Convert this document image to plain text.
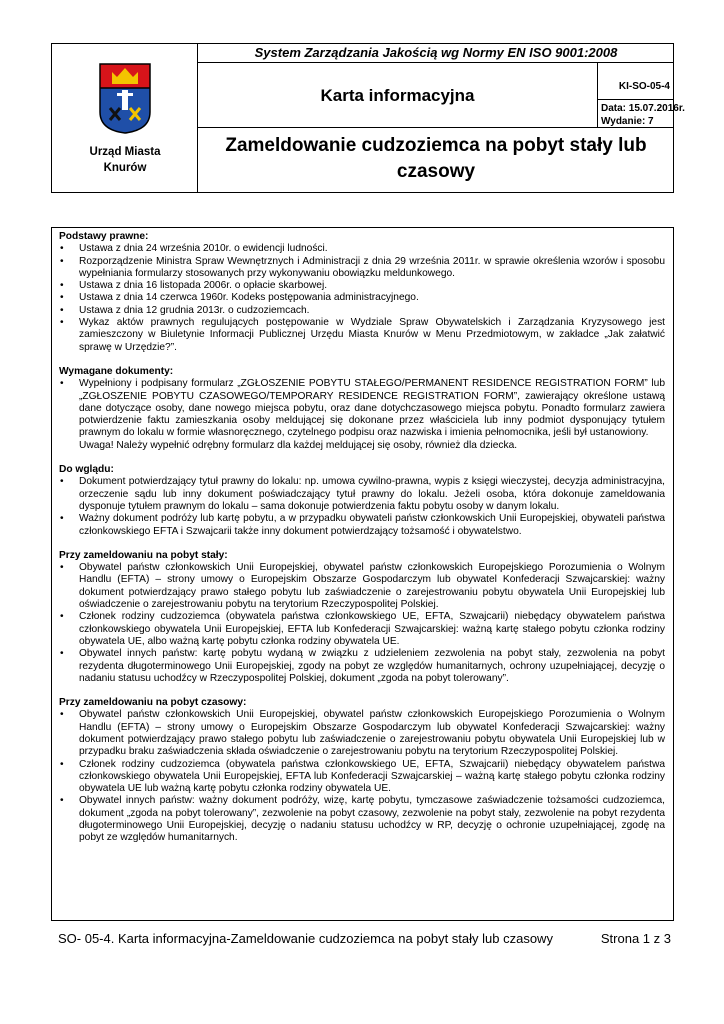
Urząd Miasta
Knurów
System Zarządzania Jakością wg Normy EN ISO 9001:2008
Karta informacyjna	KI-SO-05-4
Data: 15.07.2016r.
Wydanie: 7
Zameldowanie cudzoziemca na pobyt stały lub czasowy
Podstawy prawne:
• Ustawa z dnia 24 września 2010r. o ewidencji ludności.
• Rozporządzenie Ministra Spraw Wewnętrznych i Administracji z dnia 29 września 2011r. w sprawie określenia wzorów i sposobu wypełniania formularzy stosowanych przy wykonywaniu obowiązku meldunkowego.
• Ustawa z dnia 16 listopada 2006r. o opłacie skarbowej.
• Ustawa z dnia 14 czerwca 1960r. Kodeks postępowania administracyjnego.
• Ustawa z dnia 12 grudnia 2013r. o cudzoziemcach.
• Wykaz aktów prawnych regulujących postępowanie w Wydziale Spraw Obywatelskich i Zarządzania Kryzysowego jest zamieszczony w Biuletynie Informacji Publicznej Urzędu Miasta Knurów w Menu Przedmiotowym, w zakładce „Jak załatwić sprawę w Urzędzie?”.
Wymagane dokumenty:
• Wypełniony i podpisany formularz „ZGŁOSZENIE POBYTU STAŁEGO/PERMANENT RESIDENCE REGISTRATION FORM” lub „ZGŁOSZENIE POBYTU CZASOWEGO/TEMPORARY RESIDENCE REGISTRATION FORM”, zawierający określone ustawą dane dotyczące osoby, dane nowego miejsca pobytu, oraz dane dotychczasowego miejsca pobytu. Ponadto formularz zawiera potwierdzenie faktu zamieszkania osoby meldującej się dokonane przez właściciela lub inny podmiot dysponujący tytułem prawnym do lokalu w formie własnoręcznego, czytelnego podpisu oraz nazwiska i imienia pełnomocnika, jeśli był ustanowiony.
Uwaga! Należy wypełnić odrębny formularz dla każdej meldującej się osoby, również dla dziecka.
Do wglądu:
• Dokument potwierdzający tytuł prawny do lokalu: np. umowa cywilno-prawna, wypis z księgi wieczystej, decyzja administracyjna, orzeczenie sądu lub inny dokument poświadczający tytuł prawny do lokalu. Jeżeli osoba, która dokonuje zameldowania dysponuje tytułem prawnym do lokalu – sama dokonuje potwierdzenia faktu pobytu osoby w danym lokalu.
• Ważny dokument podróży lub kartę pobytu, a w przypadku obywateli państw członkowskich Unii Europejskiej, obywateli państwa członkowskiego EFTA i Szwajcarii także inny dokument potwierdzający tożsamość i obywatelstwo.
Przy zameldowaniu na pobyt stały:
• Obywatel państw członkowskich Unii Europejskiej, obywatel państw członkowskich Europejskiego Porozumienia o Wolnym Handlu (EFTA) – strony umowy o Europejskim Obszarze Gospodarczym lub obywatel Konfederacji Szwajcarskiej: ważny dokument potwierdzający prawo stałego pobytu lub zaświadczenie o zarejestrowaniu pobytu obywatela Unii Europejskiej lub oświadczenie o zarejestrowaniu pobytu na terytorium Rzeczypospolitej Polskiej.
• Członek rodziny cudzoziemca (obywatela państwa członkowskiego UE, EFTA, Szwajcarii) niebędący obywatelem państwa członkowskiego obywatela Unii Europejskiej, EFTA lub Konfederacji Szwajcarskiej: ważną kartę stałego pobytu członka rodziny obywatela UE, albo ważną kartę pobytu członka rodziny obywatela UE.
• Obywatel innych państw: kartę pobytu wydaną w związku z udzieleniem zezwolenia na pobyt stały, zezwolenia na pobyt rezydenta długoterminowego Unii Europejskiej, zgody na pobyt ze względów humanitarnych, ochrony uzupełniającej, decyzję o nadaniu statusu uchodźcy w Rzeczypospolitej Polskiej, dokument „zgoda na pobyt tolerowany”.
Przy zameldowaniu na pobyt czasowy:
• Obywatel państw członkowskich Unii Europejskiej, obywatel państw członkowskich Europejskiego Porozumienia o Wolnym Handlu (EFTA) – strony umowy o Europejskim Obszarze Gospodarczym lub obywatel Konfederacji Szwajcarskiej: ważny dokument potwierdzający prawo stałego pobytu lub zaświadczenie o zarejestrowaniu pobytu obywatela Unii Europejskiej lub w przypadku braku zaświadczenia składa oświadczenie o zarejestrowaniu pobytu na terytorium Rzeczypospolitej Polskiej.
• Członek rodziny cudzoziemca (obywatela państwa członkowskiego UE, EFTA, Szwajcarii) niebędący obywatelem państwa członkowskiego obywatela Unii Europejskiej, EFTA lub Konfederacji Szwajcarskiej – ważną kartę stałego pobytu członka rodziny obywatela UE lub ważną kartę pobytu członka rodziny obywatela UE.
• Obywatel innych państw: ważny dokument podróży, wizę, kartę pobytu, tymczasowe zaświadczenie tożsamości cudzoziemca, dokument „zgoda na pobyt tolerowany”, zezwolenie na pobyt czasowy, zezwolenie na pobyt stały, zezwolenie na pobyt rezydenta długoterminowego Unii Europejskiej, decyzję o nadaniu statusu uchodźcy w RP, decyzję o ochronie uzupełniającej, zgodę na pobyt ze względów humanitarnych.
SO- 05-4. Karta informacyjna-Zameldowanie cudzoziemca na pobyt stały lub czasowy	Strona 1 z 3
